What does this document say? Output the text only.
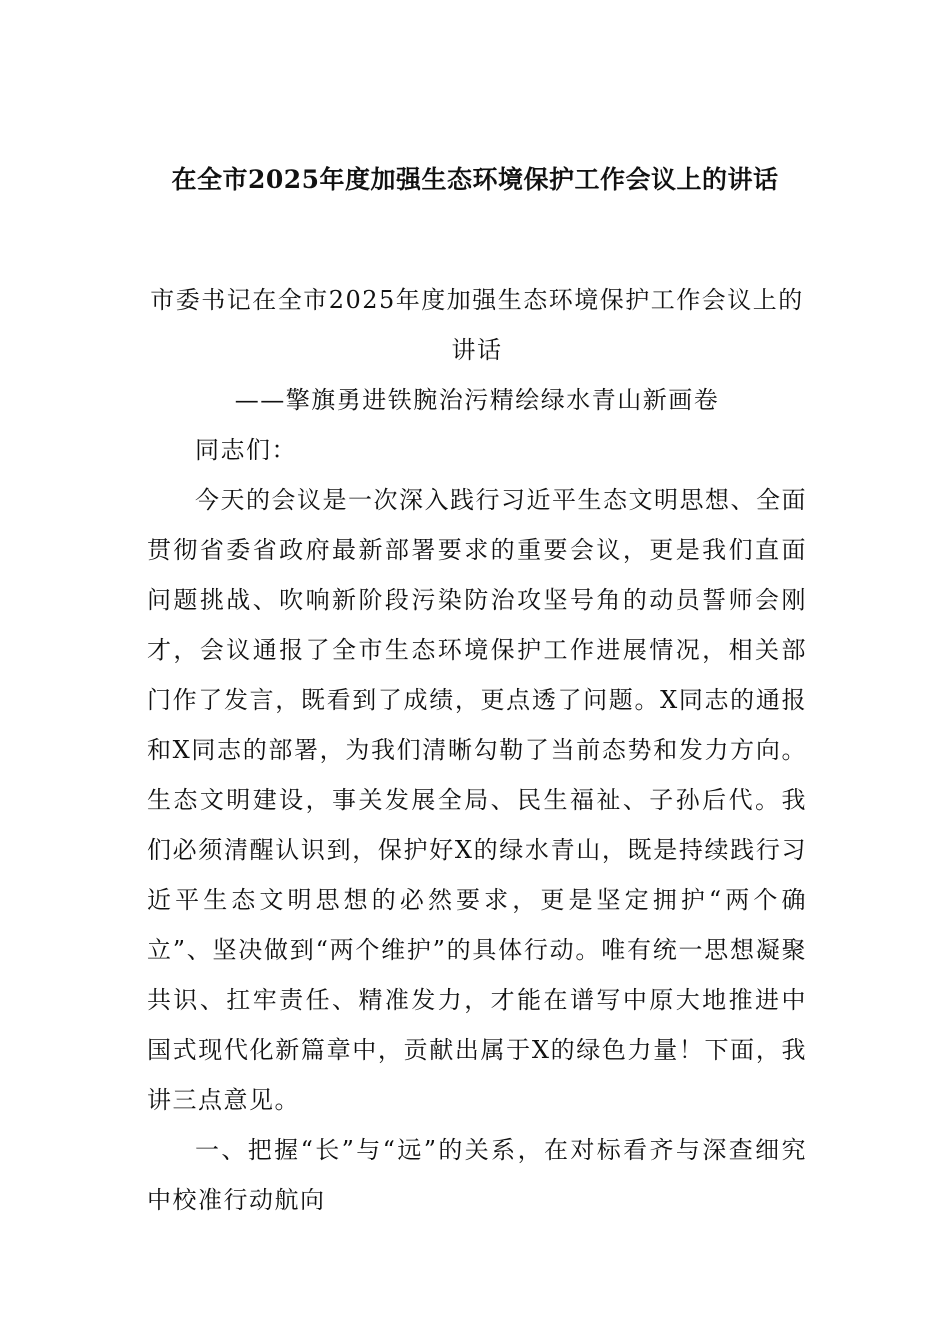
在全市2025年度加强生态环境保护工作会议上的讲话

市委书记在全市2025年度加强生态环境保护工作会议上的

讲话

——擎旗勇进铁腕治污精绘绿水青山新画卷

同志们：

今天的会议是一次深入践行习近平生态文明思想、全面贯彻省委省政府最新部署要求的重要会议，更是我们直面问题挑战、吹响新阶段污染防治攻坚号角的动员誓师会刚才，会议通报了全市生态环境保护工作进展情况，相关部门作了发言，既看到了成绩，更点透了问题。X同志的通报和X同志的部署，为我们清晰勾勒了当前态势和发力方向。生态文明建设，事关发展全局、民生福祉、子孙后代。我们必须清醒认识到，保护好X的绿水青山，既是持续践行习近平生态文明思想的必然要求，更是坚定拥护“两个确立”、坚决做到“两个维护”的具体行动。唯有统一思想凝聚共识、扛牢责任、精准发力，才能在谱写中原大地推进中国式现代化新篇章中，贡献出属于X的绿色力量！下面，我讲三点意见。

一、把握“长”与“远”的关系，在对标看齐与深查细究中校准行动航向
